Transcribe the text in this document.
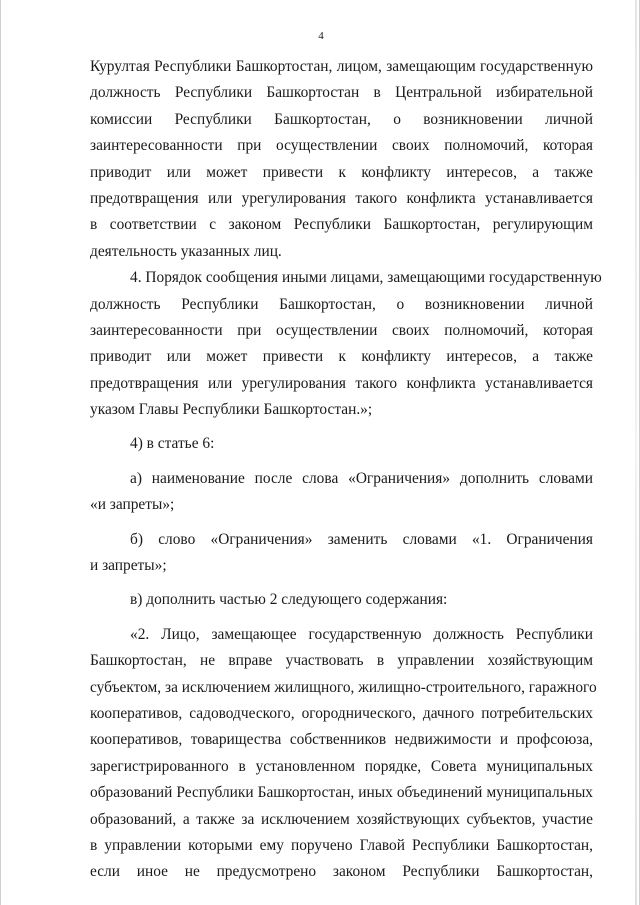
4
Курултая Республики Башкортостан, лицом, замещающим государственную
должность Республики Башкортостан в Центральной избирательной
комиссии Республики Башкортостан, о возникновении личной
заинтересованности при осуществлении своих полномочий, которая
приводит или может привести к конфликту интересов, а также
предотвращения или урегулирования такого конфликта устанавливается
в соответствии с законом Республики Башкортостан, регулирующим
деятельность указанных лиц.
4. Порядок сообщения иными лицами, замещающими государственную
должность Республики Башкортостан, о возникновении личной
заинтересованности при осуществлении своих полномочий, которая
приводит или может привести к конфликту интересов, а также
предотвращения или урегулирования такого конфликта устанавливается
указом Главы Республики Башкортостан.»;
4) в статье 6:
а) наименование после слова «Ограничения» дополнить словами
«и запреты»;
б) слово «Ограничения» заменить словами «1. Ограничения
и запреты»;
в) дополнить частью 2 следующего содержания:
«2. Лицо, замещающее государственную должность Республики
Башкортостан, не вправе участвовать в управлении хозяйствующим
субъектом, за исключением жилищного, жилищно-строительного, гаражного
кооперативов, садоводческого, огороднического, дачного потребительских
кооперативов, товарищества собственников недвижимости и профсоюза,
зарегистрированного в установленном порядке, Совета муниципальных
образований Республики Башкортостан, иных объединений муниципальных
образований, а также за исключением хозяйствующих субъектов, участие
в управлении которыми ему поручено Главой Республики Башкортостан,
если иное не предусмотрено законом Республики Башкортостан,
